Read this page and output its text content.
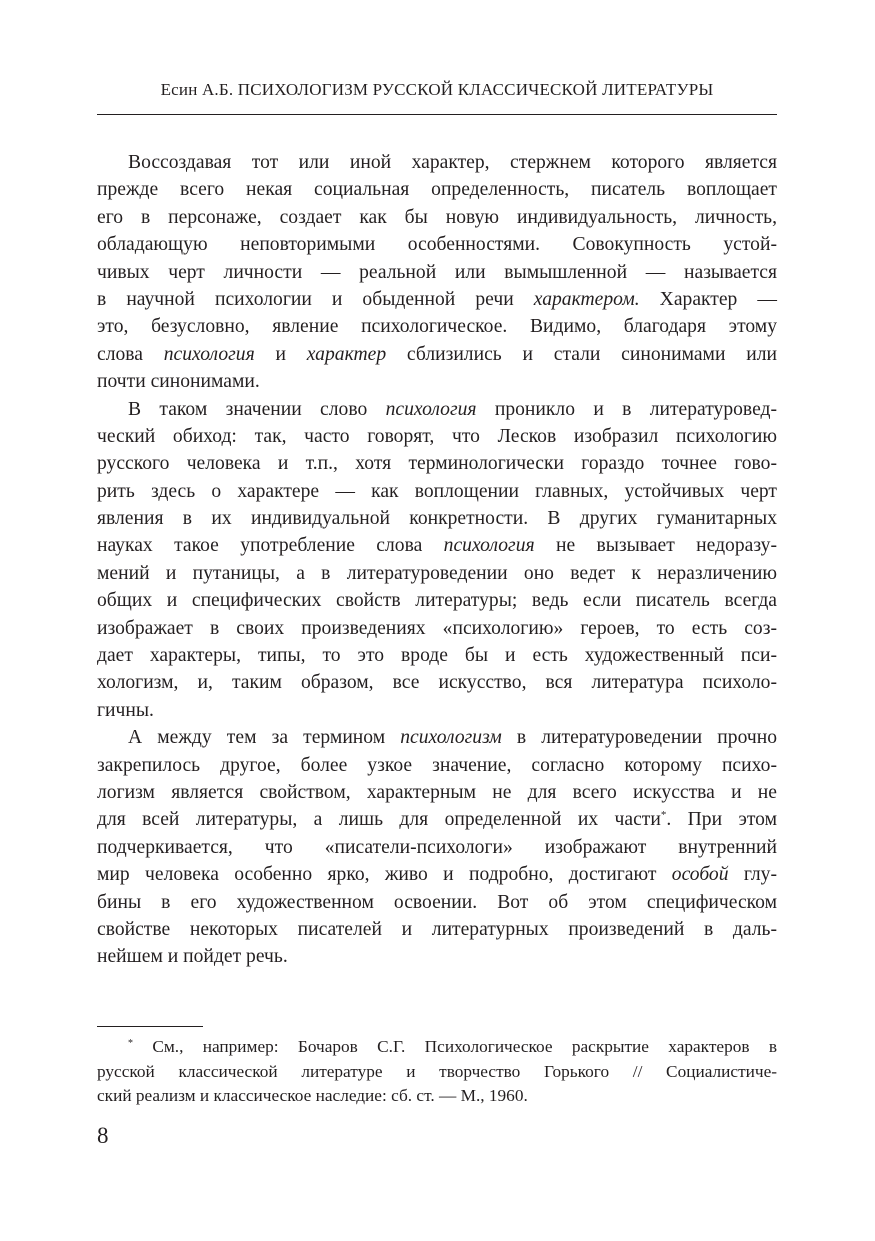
Есин А.Б. ПСИХОЛОГИЗМ РУССКОЙ КЛАССИЧЕСКОЙ ЛИТЕРАТУРЫ
Воссоздавая тот или иной характер, стержнем которого является
прежде всего некая социальная определенность, писатель воплощает
его в персонаже, создает как бы новую индивидуальность, личность,
обладающую неповторимыми особенностями. Совокупность устой-
чивых черт личности — реальной или вымышленной — называется
в научной психологии и обыденной речи характером. Характер —
это, безусловно, явление психологическое. Видимо, благодаря этому
слова психология и характер сблизились и стали синонимами или
почти синонимами.
В таком значении слово психология проникло и в литературовед-
ческий обиход: так, часто говорят, что Лесков изобразил психологию
русского человека и т.п., хотя терминологически гораздо точнее гово-
рить здесь о характере — как воплощении главных, устойчивых черт
явления в их индивидуальной конкретности. В других гуманитарных
науках такое употребление слова психология не вызывает недоразу-
мений и путаницы, а в литературоведении оно ведет к неразличению
общих и специфических свойств литературы; ведь если писатель всегда
изображает в своих произведениях «психологию» героев, то есть соз-
дает характеры, типы, то это вроде бы и есть художественный пси-
хологизм, и, таким образом, все искусство, вся литература психоло-
гичны.
А между тем за термином психологизм в литературоведении прочно
закрепилось другое, более узкое значение, согласно которому психо-
логизм является свойством, характерным не для всего искусства и не
для всей литературы, а лишь для определенной их части*. При этом
подчеркивается, что «писатели-психологи» изображают внутренний
мир человека особенно ярко, живо и подробно, достигают особой глу-
бины в его художественном освоении. Вот об этом специфическом
свойстве некоторых писателей и литературных произведений в даль-
нейшем и пойдет речь.
* См., например: Бочаров С.Г. Психологическое раскрытие характеров в
русской классической литературе и творчество Горького // Социалистиче-
ский реализм и классическое наследие: сб. ст. — М., 1960.
8
